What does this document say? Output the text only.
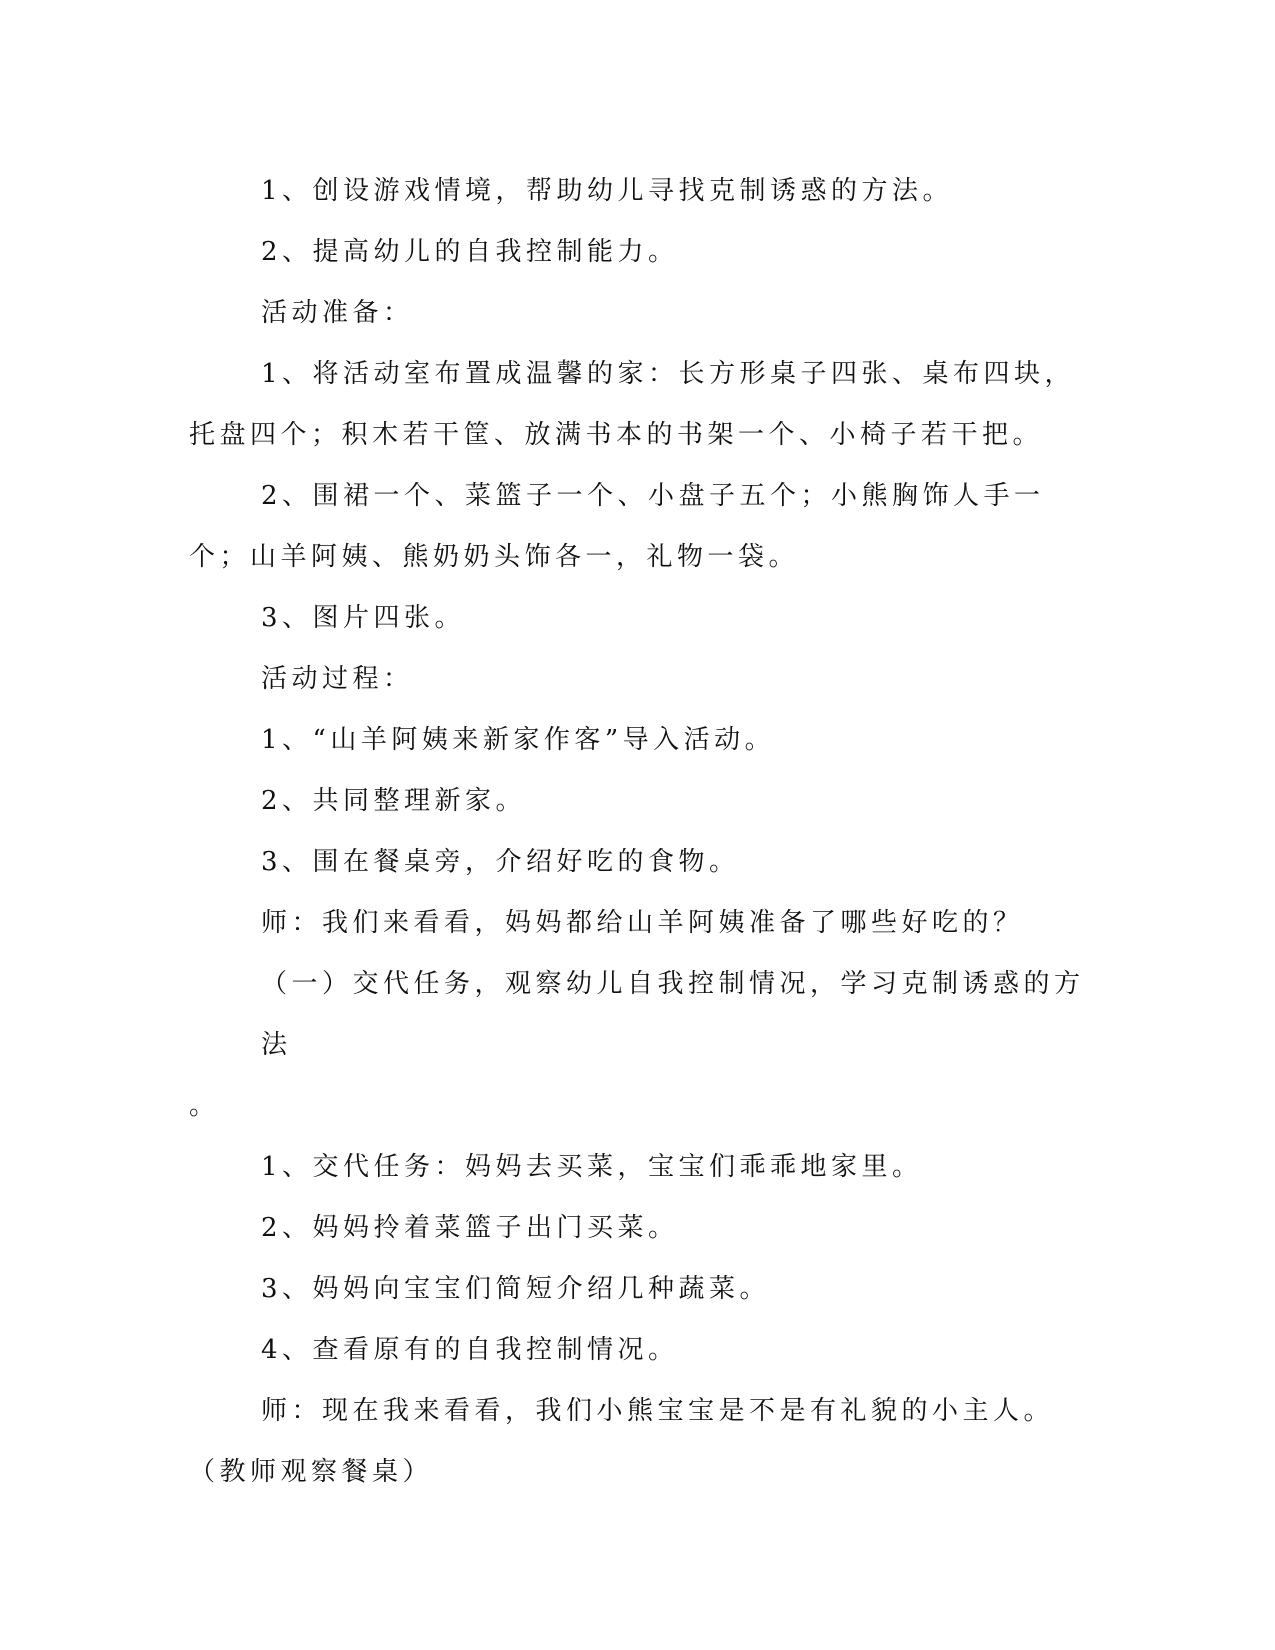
1、创设游戏情境，帮助幼儿寻找克制诱惑的方法。

2、提高幼儿的自我控制能力。

活动准备：

1、将活动室布置成温馨的家：长方形桌子四张、桌布四块，托盘四个；积木若干筐、放满书本的书架一个、小椅子若干把。

2、围裙一个、菜篮子一个、小盘子五个；小熊胸饰人手一个；山羊阿姨、熊奶奶头饰各一，礼物一袋。

3、图片四张。

活动过程：

1、“山羊阿姨来新家作客”导入活动。

2、共同整理新家。

3、围在餐桌旁，介绍好吃的食物。

师：我们来看看，妈妈都给山羊阿姨准备了哪些好吃的？

（一）交代任务，观察幼儿自我控制情况，学习克制诱惑的方法
。

1、交代任务：妈妈去买菜，宝宝们乖乖地家里。

2、妈妈拎着菜篮子出门买菜。

3、妈妈向宝宝们简短介绍几种蔬菜。

4、查看原有的自我控制情况。

师：现在我来看看，我们小熊宝宝是不是有礼貌的小主人。（教师观察餐桌）
